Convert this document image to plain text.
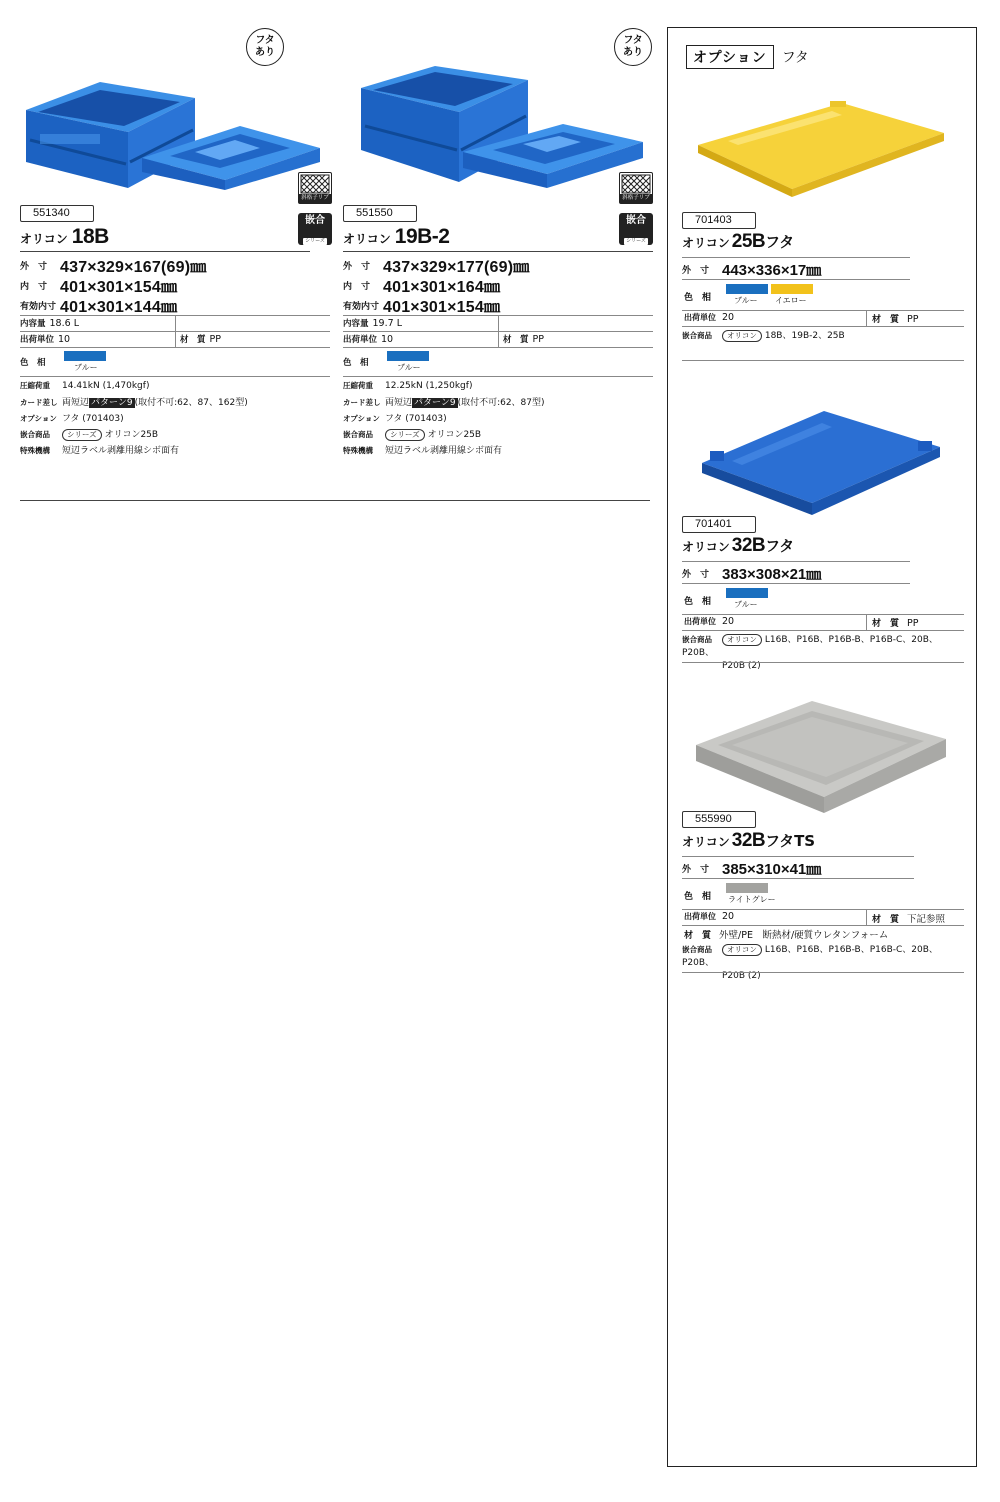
フタ
あり
斜格子リブ
嵌合
シリーズ
25B
551340
オリコン 18B
外　寸 437×329×167(69)㎜
内　寸 401×301×154㎜
有効内寸 401×301×144㎜
内容量 18.6 L
出荷単位 10	材　質 PP
色　相	ブルー
圧縮荷重 14.41kN (1,470kgf)
カード差し 両短辺 パターン9 (取付不可:62、87、162型)
オプション フタ (701403)
嵌合商品 シリーズ オリコン25B
特殊機構 短辺ラベル剥離用線シボ面有
フタ
あり
斜格子リブ
嵌合
シリーズ
25B
551550
オリコン 19B-2
外　寸 437×329×177(69)㎜
内　寸 401×301×164㎜
有効内寸 401×301×154㎜
内容量 19.7 L
出荷単位 10	材　質 PP
色　相	ブルー
圧縮荷重 12.25kN (1,250kgf)
カード差し 両短辺 パターン9 (取付不可:62、87型)
オプション フタ (701403)
嵌合商品 シリーズ オリコン25B
特殊機構 短辺ラベル剥離用線シボ面有
オプション フタ
701403
オリコン 25Bフタ
外　寸 443×336×17㎜
色　相	ブルー イエロー
出荷単位 20	材　質 PP
嵌合商品 オリコン 18B、19B-2、25B
701401
オリコン 32Bフタ
外　寸 383×308×21㎜
色　相	ブルー
出荷単位 20	材　質 PP
嵌合商品 オリコン L16B、P16B、P16B-B、P16B-C、20B、P20B、
P20B (2)
555990
オリコン 32BフタTS
外　寸 385×310×41㎜
色　相	ライトグレー
出荷単位 20	材　質 下記参照
材　質 外壁/PE　断熱材/硬質ウレタンフォーム
嵌合商品 オリコン L16B、P16B、P16B-B、P16B-C、20B、P20B、
P20B (2)
